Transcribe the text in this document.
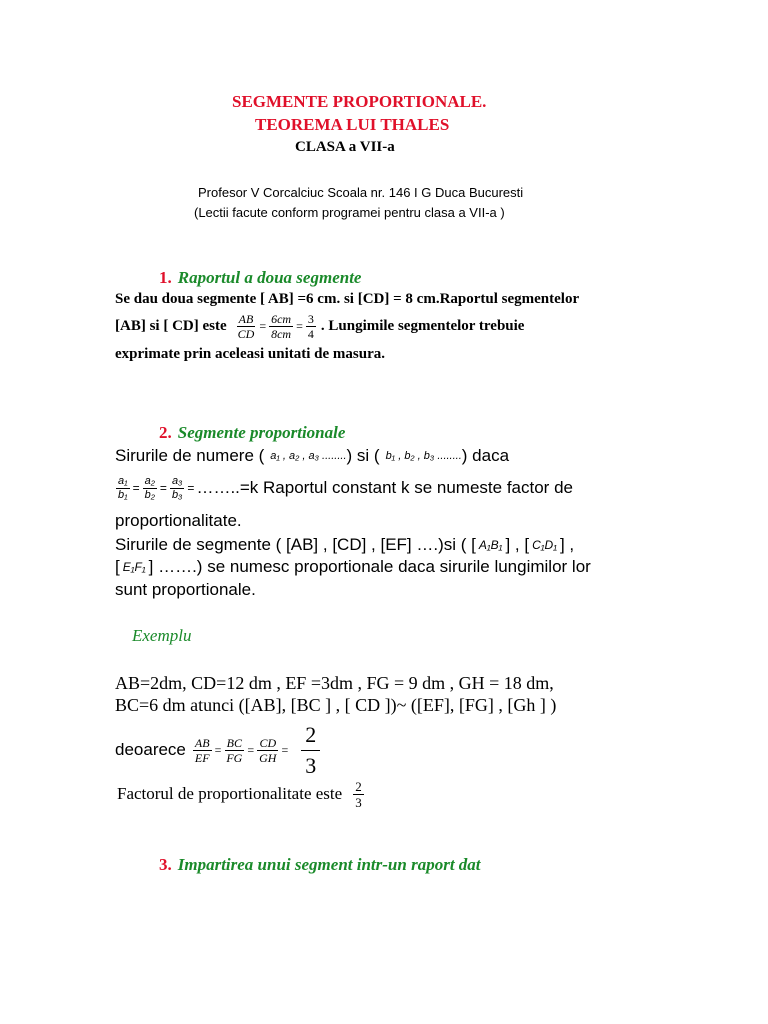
SEGMENTE PROPORTIONALE.
TEOREMA LUI THALES
CLASA a VII-a
Profesor V Corcalciuc Scoala nr. 146 I G Duca Bucuresti
(Lectii facute conform programei pentru clasa a VII-a )
1. Raportul a doua segmente
Se dau doua segmente [ AB] =6 cm. si [CD] = 8 cm.Raportul segmentelor
[AB] si [ CD] este $\frac{AB}{CD} = \frac{6cm}{8cm} = \frac{3}{4}$ . Lungimile segmentelor trebuie
exprimate prin aceleasi unitati de masura.
2. Segmente proportionale
Sirurile de numere ( a₁ , a₂ , a₃ ........ ) si ( b₁ , b₂ , b₃ ........ ) daca
$\frac{\text{a₁}}{\text{b₁}} = \frac{\text{a₂}}{\text{b₂}} = \frac{\text{a₃}}{\text{b₃}}$ = ……..=k Raportul constant k se numeste factor de
proportionalitate.
Sirurile de segmente ( [AB] , [CD] , [EF] ….)si ( [ A₁B₁ ] , [ C₁D₁ ] ,
[ E₁F₁ ] …….) se numesc proportionale daca sirurile lungimilor lor
sunt proportionale.
Exemplu
AB=2dm, CD=12 dm , EF =3dm , FG = 9 dm , GH = 18 dm,
BC=6 dm atunci ([AB], [BC ] , [ CD ])~ ([EF], [FG] , [Gh ] )
deoarece $\frac{AB}{EF} = \frac{BC}{FG} = \frac{CD}{GH} = \frac{2}{3}$
Factorul de proportionalitate este $\frac{2}{3}$
3. Impartirea unui segment intr-un raport dat
